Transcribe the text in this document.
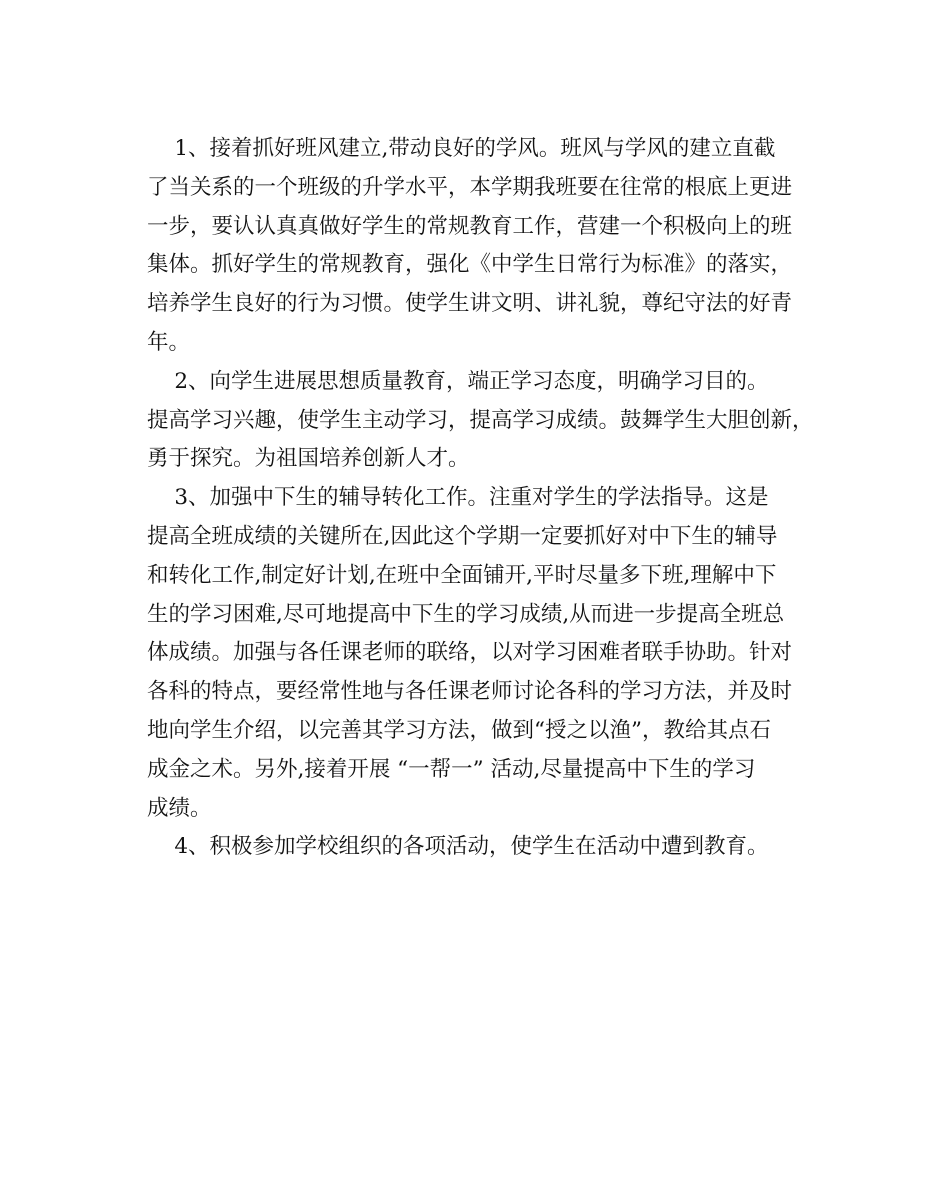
1、接着抓好班风建立,带动良好的学风。班风与学风的建立直截
了当关系的一个班级的升学水平，本学期我班要在往常的根底上更进
一步，要认认真真做好学生的常规教育工作，营建一个积极向上的班
集体。抓好学生的常规教育，强化《中学生日常行为标准》的落实，
培养学生良好的行为习惯。使学生讲文明、讲礼貌，尊纪守法的好青
年。
2、向学生进展思想质量教育，端正学习态度，明确学习目的。
提高学习兴趣，使学生主动学习，提高学习成绩。鼓舞学生大胆创新，
勇于探究。为祖国培养创新人才。
3、加强中下生的辅导转化工作。注重对学生的学法指导。这是
提高全班成绩的关键所在,因此这个学期一定要抓好对中下生的辅导
和转化工作,制定好计划,在班中全面铺开,平时尽量多下班,理解中下
生的学习困难,尽可地提高中下生的学习成绩,从而进一步提高全班总
体成绩。加强与各任课老师的联络，以对学习困难者联手协助。针对
各科的特点，要经常性地与各任课老师讨论各科的学习方法，并及时
地向学生介绍，以完善其学习方法，做到“授之以渔”，教给其点石
成金之术。另外,接着开展 “一帮一” 活动,尽量提高中下生的学习
成绩。
4、积极参加学校组织的各项活动，使学生在活动中遭到教育。
